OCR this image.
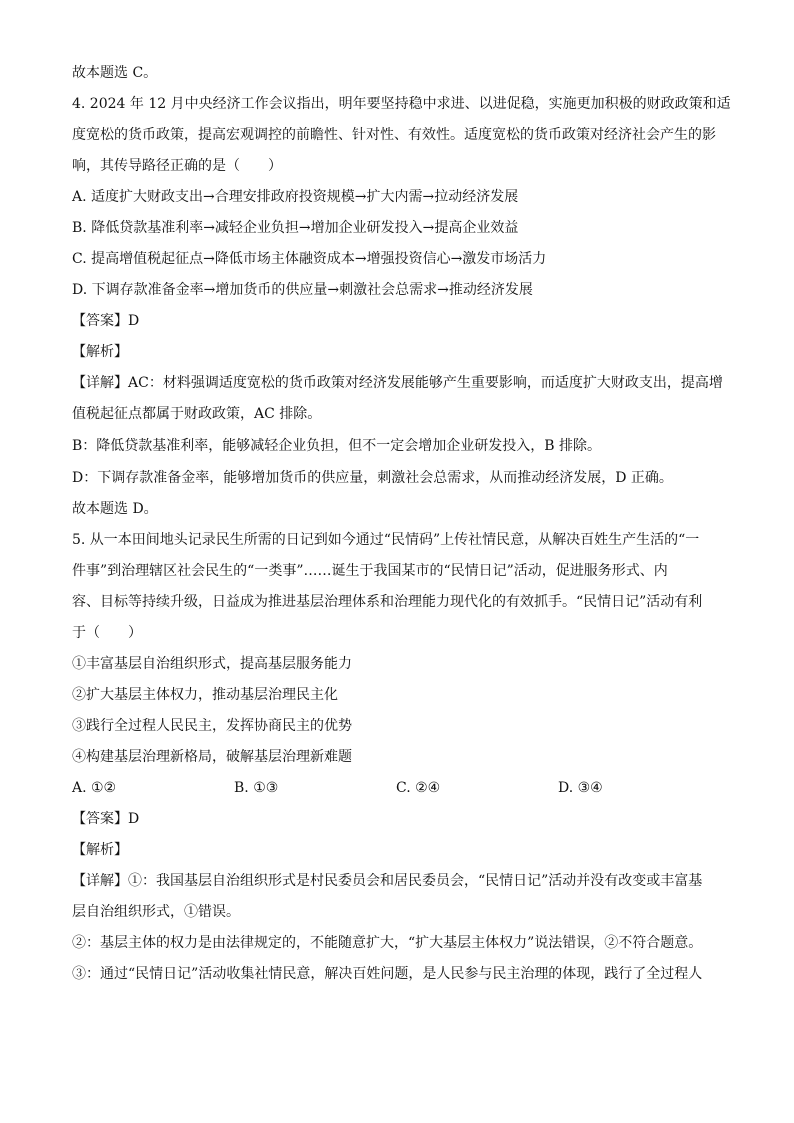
故本题选 C。
4. 2024 年 12 月中央经济工作会议指出，明年要坚持稳中求进、以进促稳，实施更加积极的财政政策和适
度宽松的货币政策，提高宏观调控的前瞻性、针对性、有效性。适度宽松的货币政策对经济社会产生的影
响，其传导路径正确的是（　　）
A. 适度扩大财政支出→合理安排政府投资规模→扩大内需→拉动经济发展
B. 降低贷款基准利率→减轻企业负担→增加企业研发投入→提高企业效益
C. 提高增值税起征点→降低市场主体融资成本→增强投资信心→激发市场活力
D. 下调存款准备金率→增加货币的供应量→刺激社会总需求→推动经济发展
【答案】D
【解析】
【详解】AC：材料强调适度宽松的货币政策对经济发展能够产生重要影响，而适度扩大财政支出，提高增
值税起征点都属于财政政策，AC 排除。
B：降低贷款基准利率，能够减轻企业负担，但不一定会增加企业研发投入，B 排除。
D：下调存款准备金率，能够增加货币的供应量，刺激社会总需求，从而推动经济发展，D 正确。
故本题选 D。
5. 从一本田间地头记录民生所需的日记到如今通过“民情码”上传社情民意，从解决百姓生产生活的“一
件事”到治理辖区社会民生的“一类事”……诞生于我国某市的“民情日记”活动，促进服务形式、内
容、目标等持续升级，日益成为推进基层治理体系和治理能力现代化的有效抓手。“民情日记”活动有利
于（　　）
①丰富基层自治组织形式，提高基层服务能力
②扩大基层主体权力，推动基层治理民主化
③践行全过程人民民主，发挥协商民主的优势
④构建基层治理新格局，破解基层治理新难题
A. ①②	B. ①③	C. ②④	D. ③④
【答案】D
【解析】
【详解】①：我国基层自治组织形式是村民委员会和居民委员会，“民情日记”活动并没有改变或丰富基
层自治组织形式，①错误。
②：基层主体的权力是由法律规定的，不能随意扩大，“扩大基层主体权力”说法错误，②不符合题意。
③：通过“民情日记”活动收集社情民意，解决百姓问题，是人民参与民主治理的体现，践行了全过程人
